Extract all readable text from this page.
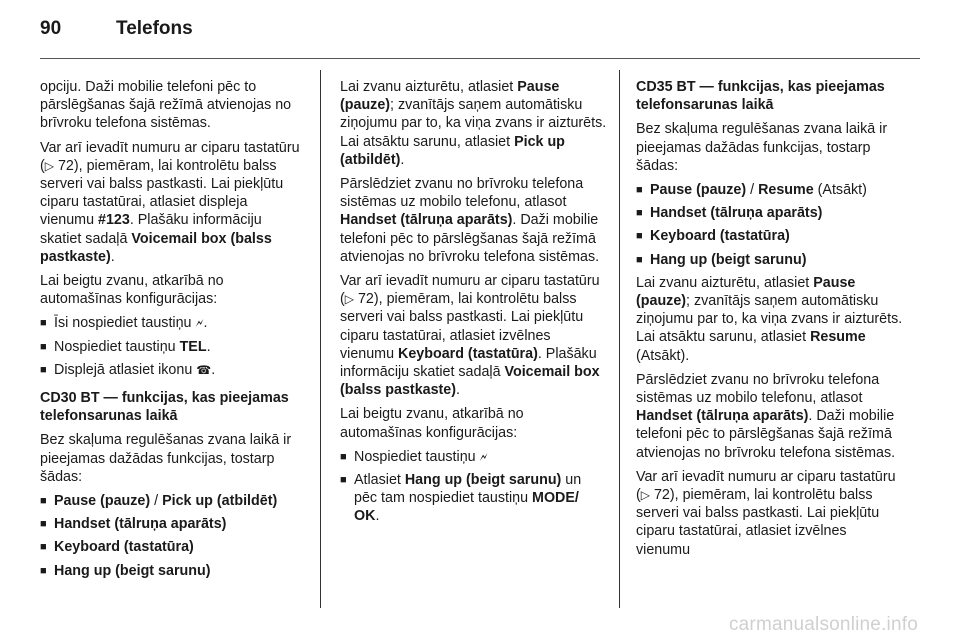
90	Telefons

opciju. Daži mobilie telefoni pēc to pārslēgšanas šajā režīmā atvienojas no brīvroku telefona sistēmas.

Var arī ievadīt numuru ar ciparu tastatūru (▷ 72), piemēram, lai kontrolētu balss serveri vai balss pastkasti. Lai piekļūtu ciparu tastatūrai, atlasiet displeja vienumu #123. Plašāku informāciju skatiet sadaļā Voicemail box (balss pastkaste).

Lai beigtu zvanu, atkarībā no automašīnas konfigurācijas:

■ Īsi nospiediet taustiņu 🗲.
■ Nospiediet taustiņu TEL.
■ Displejā atlasiet ikonu ☎.

CD30 BT — funkcijas, kas pieejamas telefonsarunas laikā

Bez skaļuma regulēšanas zvana laikā ir pieejamas dažādas funkcijas, tostarp šādas:

■ Pause (pauze) / Pick up (atbildēt)
■ Handset (tālruņa aparāts)
■ Keyboard (tastatūra)
■ Hang up (beigt sarunu)

Lai zvanu aizturētu, atlasiet Pause (pauze); zvanītājs saņem automātisku ziņojumu par to, ka viņa zvans ir aizturēts. Lai atsāktu sarunu, atlasiet Pick up (atbildēt).

Pārslēdziet zvanu no brīvroku telefona sistēmas uz mobilo telefonu, atlasot Handset (tālruņa aparāts). Daži mobilie telefoni pēc to pārslēgšanas šajā režīmā atvienojas no brīvroku telefona sistēmas.

Var arī ievadīt numuru ar ciparu tastatūru (▷ 72), piemēram, lai kontrolētu balss serveri vai balss pastkasti. Lai piekļūtu ciparu tastatūrai, atlasiet izvēlnes vienumu Keyboard (tastatūra). Plašāku informāciju skatiet sadaļā Voicemail box (balss pastkaste).

Lai beigtu zvanu, atkarībā no automašīnas konfigurācijas:

■ Nospiediet taustiņu 🗲
■ Atlasiet Hang up (beigt sarunu) un pēc tam nospiediet taustiņu MODE/ OK.

CD35 BT — funkcijas, kas pieejamas telefonsarunas laikā

Bez skaļuma regulēšanas zvana laikā ir pieejamas dažādas funkcijas, tostarp šādas:

■ Pause (pauze) / Resume (Atsākt)
■ Handset (tālruņa aparāts)
■ Keyboard (tastatūra)
■ Hang up (beigt sarunu)

Lai zvanu aizturētu, atlasiet Pause (pauze); zvanītājs saņem automātisku ziņojumu par to, ka viņa zvans ir aizturēts. Lai atsāktu sarunu, atlasiet Resume (Atsākt).

Pārslēdziet zvanu no brīvroku telefona sistēmas uz mobilo telefonu, atlasot Handset (tālruņa aparāts). Daži mobilie telefoni pēc to pārslēgšanas šajā režīmā atvienojas no brīvroku telefona sistēmas.

Var arī ievadīt numuru ar ciparu tastatūru (▷ 72), piemēram, lai kontrolētu balss serveri vai balss pastkasti. Lai piekļūtu ciparu tastatūrai, atlasiet izvēlnes vienumu

carmanualsonline.info
